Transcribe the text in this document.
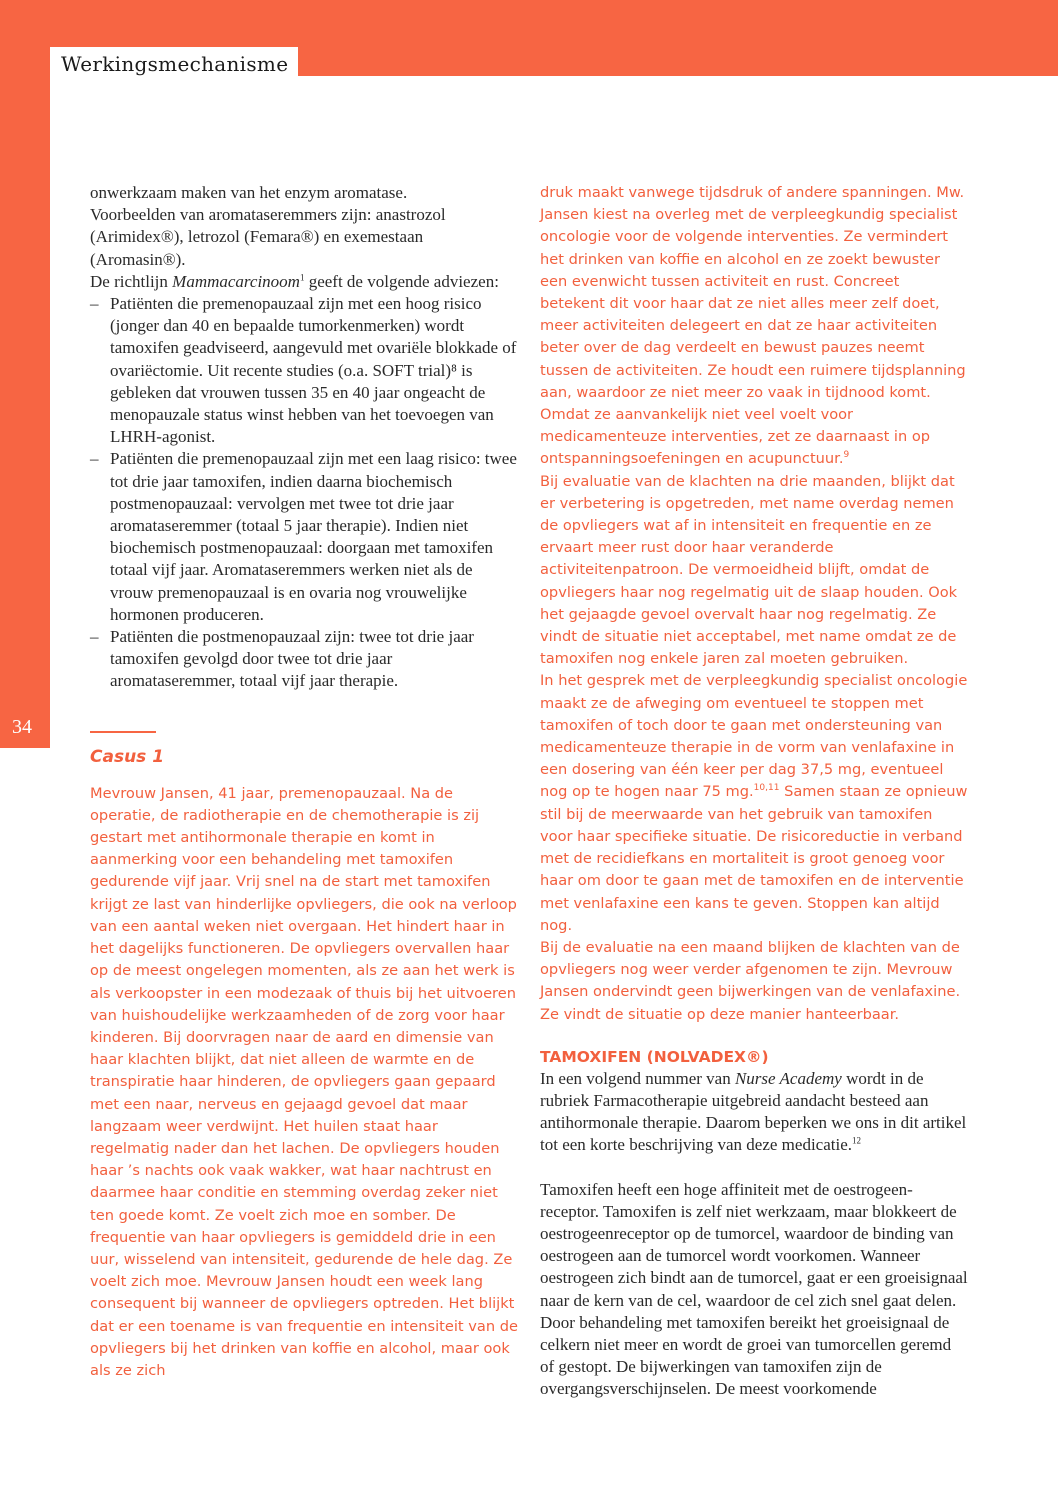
Werkingsmechanisme
34

onwerkzaam maken van het enzym aromatase.
Voorbeelden van aromataseremmers zijn: anastrozol
(Arimidex®), letrozol (Femara®) en exemestaan
(Aromasin®).
De richtlijn Mammacarcinoom$^1$ geeft de volgende adviezen:

– Patiënten die premenopauzaal zijn met een hoog risico (jonger dan 40 en bepaalde tumorkenmerken) wordt tamoxifen geadviseerd, aangevuld met ovariële blokkade of ovariëctomie. Uit recente studies (o.a. SOFT trial)⁸ is gebleken dat vrouwen tussen 35 en 40 jaar ongeacht de menopauzale status winst hebben van het toevoegen van LHRH-agonist.
– Patiënten die premenopauzaal zijn met een laag risico: twee tot drie jaar tamoxifen, indien daarna biochemisch postmenopauzaal: vervolgen met twee tot drie jaar aromataseremmer (totaal 5 jaar therapie). Indien niet biochemisch postmenopauzaal: doorgaan met tamoxifen totaal vijf jaar. Aromataseremmers werken niet als de vrouw premenopauzaal is en ovaria nog vrouwelijke hormonen produceren.
– Patiënten die postmenopauzaal zijn: twee tot drie jaar tamoxifen gevolgd door twee tot drie jaar aromataseremmer, totaal vijf jaar therapie.
Casus 1

Mevrouw Jansen, 41 jaar, premenopauzaal. Na de operatie, de radiotherapie en de chemotherapie is zij gestart met antihormonale therapie en komt in aanmerking voor een behandeling met tamoxifen gedurende vijf jaar. Vrij snel na de start met tamoxifen krijgt ze last van hinderlijke opvliegers, die ook na verloop van een aantal weken niet overgaan. Het hindert haar in het dagelijks functioneren. De opvliegers overvallen haar op de meest ongelegen momenten, als ze aan het werk is als verkoopster in een modezaak of thuis bij het uitvoeren van huishoudelijke werkzaamheden of de zorg voor haar kinderen. Bij doorvragen naar de aard en dimensie van haar klachten blijkt, dat niet alleen de warmte en de transpiratie haar hinderen, de opvliegers gaan gepaard met een naar, nerveus en gejaagd gevoel dat maar langzaam weer verdwijnt. Het huilen staat haar regelmatig nader dan het lachen. De opvliegers houden haar ’s nachts ook vaak wakker, wat haar nachtrust en daarmee haar conditie en stemming overdag zeker niet ten goede komt. Ze voelt zich moe en somber. De frequentie van haar opvliegers is gemiddeld drie in een uur, wisselend van intensiteit, gedurende de hele dag. Ze voelt zich moe. Mevrouw Jansen houdt een week lang consequent bij wanneer de opvliegers optreden. Het blijkt dat er een toename is van frequentie en intensiteit van de opvliegers bij het drinken van koffie en alcohol, maar ook als ze zich

druk maakt vanwege tijdsdruk of andere spanningen. Mw. Jansen kiest na overleg met de verpleegkundig specialist oncologie voor de volgende interventies. Ze vermindert het drinken van koffie en alcohol en ze zoekt bewuster een evenwicht tussen activiteit en rust. Concreet betekent dit voor haar dat ze niet alles meer zelf doet, meer activiteiten delegeert en dat ze haar activiteiten beter over de dag verdeelt en bewust pauzes neemt tussen de activiteiten. Ze houdt een ruimere tijdsplanning aan, waardoor ze niet meer zo vaak in tijdnood komt. Omdat ze aanvankelijk niet veel voelt voor medicamenteuze interventies, zet ze daarnaast in op ontspanningsoefeningen en acupunctuur.$^9$

Bij evaluatie van de klachten na drie maanden, blijkt dat er verbetering is opgetreden, met name overdag nemen de opvliegers wat af in intensiteit en frequentie en ze ervaart meer rust door haar veranderde activiteitenpatroon. De vermoeidheid blijft, omdat de opvliegers haar nog regelmatig uit de slaap houden. Ook het gejaagde gevoel overvalt haar nog regelmatig. Ze vindt de situatie niet acceptabel, met name omdat ze de tamoxifen nog enkele jaren zal moeten gebruiken.

In het gesprek met de verpleegkundig specialist oncologie maakt ze de afweging om eventueel te stoppen met tamoxifen of toch door te gaan met ondersteuning van medicamenteuze therapie in de vorm van venlafaxine in een dosering van één keer per dag 37,5 mg, eventueel nog op te hogen naar 75 mg.$^{10,11}$ Samen staan ze opnieuw stil bij de meerwaarde van het gebruik van tamoxifen voor haar specifieke situatie. De risicoreductie in verband met de recidiefkans en mortaliteit is groot genoeg voor haar om door te gaan met de tamoxifen en de interventie met venlafaxine een kans te geven. Stoppen kan altijd nog.

Bij de evaluatie na een maand blijken de klachten van de opvliegers nog weer verder afgenomen te zijn. Mevrouw Jansen ondervindt geen bijwerkingen van de venlafaxine. Ze vindt de situatie op deze manier hanteerbaar.

TAMOXIFEN (NOLVADEX®)

In een volgend nummer van Nurse Academy wordt in de rubriek Farmacotherapie uitgebreid aandacht besteed aan antihormonale therapie. Daarom beperken we ons in dit artikel tot een korte beschrijving van deze medicatie.$^{12}$

Tamoxifen heeft een hoge affiniteit met de oestrogeen-receptor. Tamoxifen is zelf niet werkzaam, maar blokkeert de oestrogeenreceptor op de tumorcel, waardoor de binding van oestrogeen aan de tumorcel wordt voorkomen. Wanneer oestrogeen zich bindt aan de tumorcel, gaat er een groeisignaal naar de kern van de cel, waardoor de cel zich snel gaat delen. Door behandeling met tamoxifen bereikt het groeisignaal de celkern niet meer en wordt de groei van tumorcellen geremd of gestopt. De bijwerkingen van tamoxifen zijn de overgangsverschijnselen. De meest voorkomende
